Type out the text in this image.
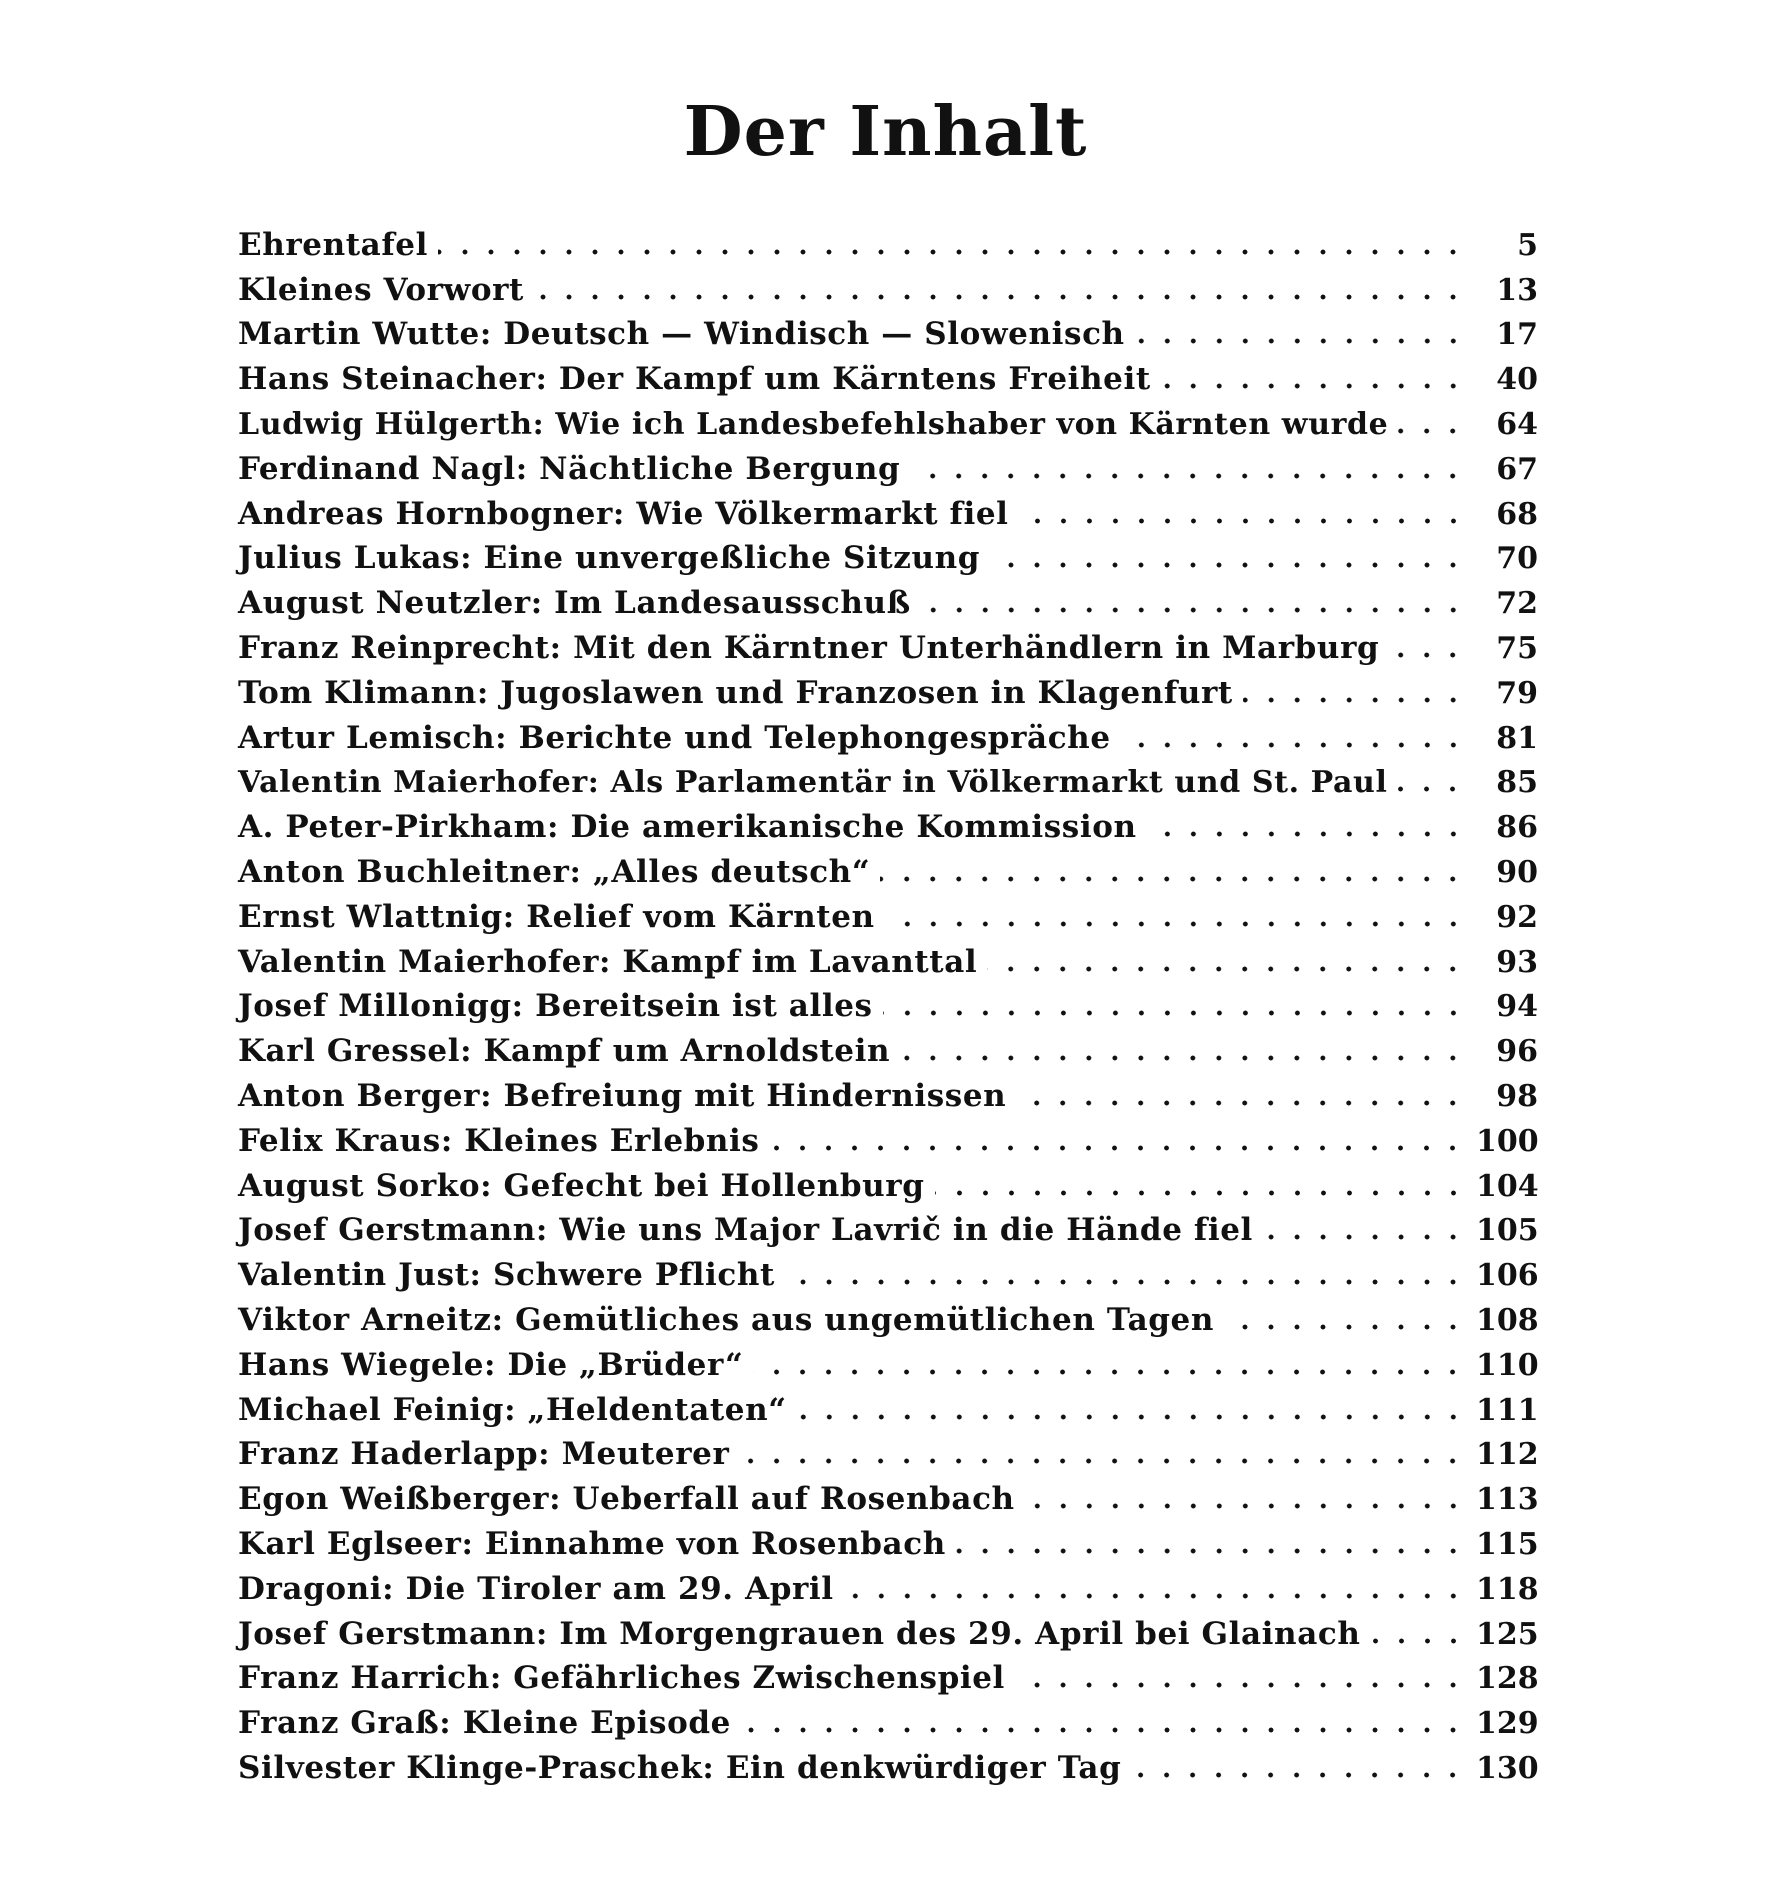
Der Inhalt
Ehrentafel	5
Kleines Vorwort	13
Martin Wutte: Deutsch — Windisch — Slowenisch	17
Hans Steinacher: Der Kampf um Kärntens Freiheit	40
Ludwig Hülgerth: Wie ich Landesbefehlshaber von Kärnten wurde	64
Ferdinand Nagl: Nächtliche Bergung	67
Andreas Hornbogner: Wie Völkermarkt fiel	68
Julius Lukas: Eine unvergeßliche Sitzung	70
August Neutzler: Im Landesausschuß	72
Franz Reinprecht: Mit den Kärntner Unterhändlern in Marburg	75
Tom Klimann: Jugoslawen und Franzosen in Klagenfurt	79
Artur Lemisch: Berichte und Telephongespräche	81
Valentin Maierhofer: Als Parlamentär in Völkermarkt und St. Paul	85
A. Peter-Pirkham: Die amerikanische Kommission	86
Anton Buchleitner: „Alles deutsch“	90
Ernst Wlattnig: Relief vom Kärnten	92
Valentin Maierhofer: Kampf im Lavanttal	93
Josef Millonigg: Bereitsein ist alles	94
Karl Gressel: Kampf um Arnoldstein	96
Anton Berger: Befreiung mit Hindernissen	98
Felix Kraus: Kleines Erlebnis	100
August Sorko: Gefecht bei Hollenburg	104
Josef Gerstmann: Wie uns Major Lavrič in die Hände fiel	105
Valentin Just: Schwere Pflicht	106
Viktor Arneitz: Gemütliches aus ungemütlichen Tagen	108
Hans Wiegele: Die „Brüder“	110
Michael Feinig: „Heldentaten“	111
Franz Haderlapp: Meuterer	112
Egon Weißberger: Ueberfall auf Rosenbach	113
Karl Eglseer: Einnahme von Rosenbach	115
Dragoni: Die Tiroler am 29. April	118
Josef Gerstmann: Im Morgengrauen des 29. April bei Glainach	125
Franz Harrich: Gefährliches Zwischenspiel	128
Franz Graß: Kleine Episode	129
Silvester Klinge-Praschek: Ein denkwürdiger Tag	130
